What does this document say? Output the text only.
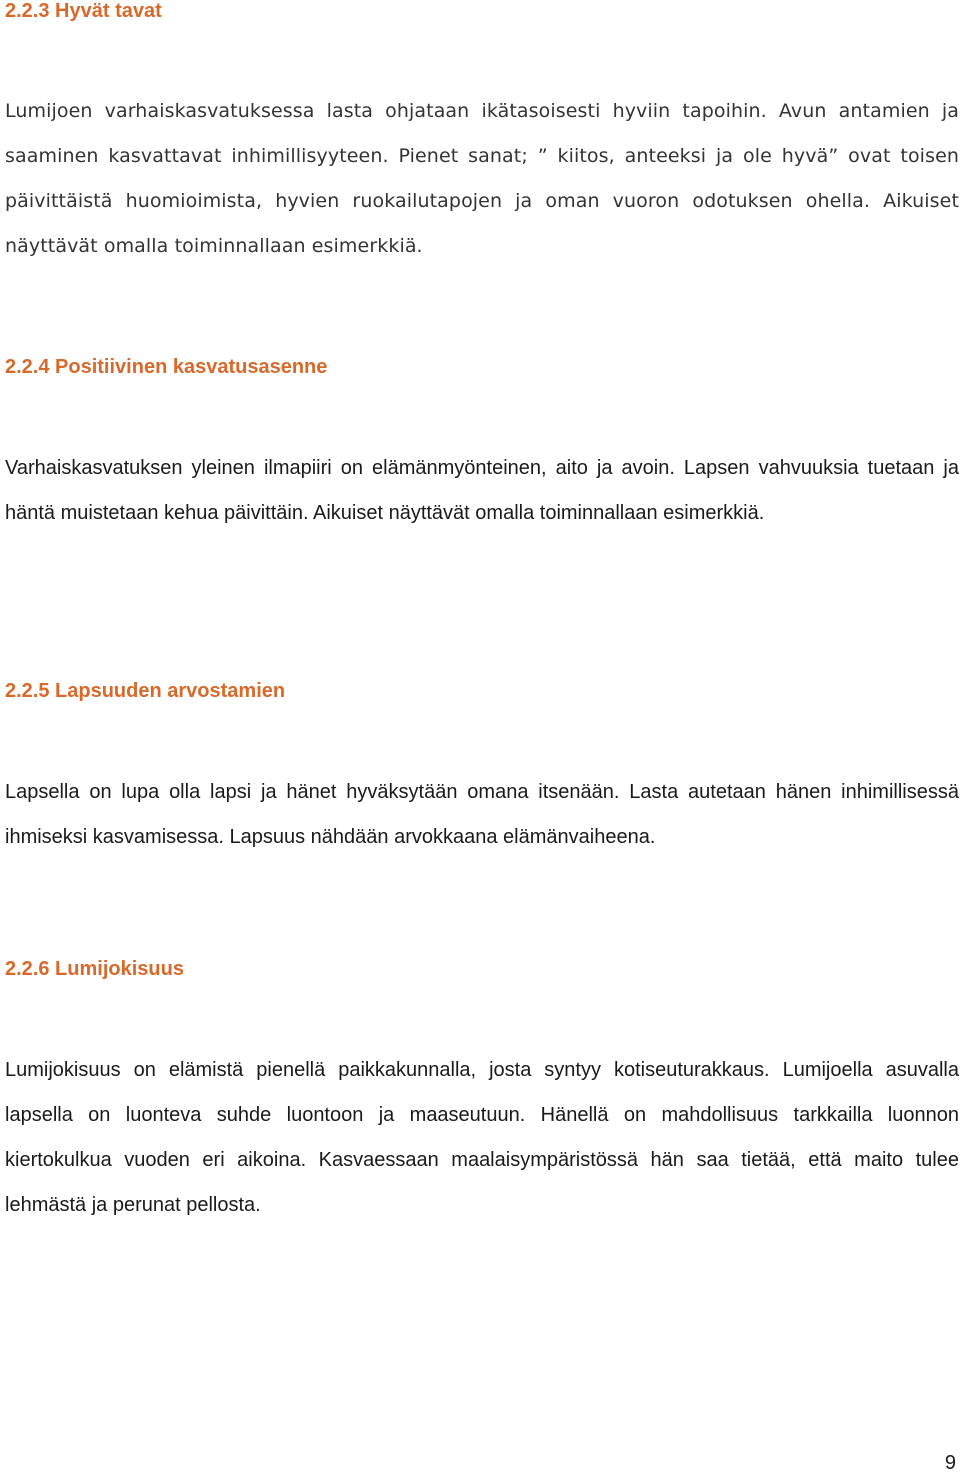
2.2.3 Hyvät tavat

Lumijoen varhaiskasvatuksessa lasta ohjataan ikätasoisesti hyviin tapoihin. Avun antamien ja saaminen kasvattavat inhimillisyyteen. Pienet sanat; ” kiitos, anteeksi ja ole hyvä” ovat toisen päivittäistä huomioimista, hyvien ruokailutapojen ja oman vuoron odotuksen ohella. Aikuiset näyttävät omalla toiminnallaan esimerkkiä.

2.2.4 Positiivinen kasvatusasenne

Varhaiskasvatuksen yleinen ilmapiiri on elämänmyönteinen, aito ja avoin. Lapsen vahvuuksia tuetaan ja häntä muistetaan kehua päivittäin. Aikuiset näyttävät omalla toiminnallaan esimerkkiä.

2.2.5 Lapsuuden arvostamien

Lapsella on lupa olla lapsi ja hänet hyväksytään omana itsenään. Lasta autetaan hänen inhimillisessä ihmiseksi kasvamisessa. Lapsuus nähdään arvokkaana elämänvaiheena.

2.2.6 Lumijokisuus

Lumijokisuus on elämistä pienellä paikkakunnalla, josta syntyy kotiseuturakkaus. Lumijoella asuvalla lapsella on luonteva suhde luontoon ja maaseutuun. Hänellä on mahdollisuus tarkkailla luonnon kiertokulkua vuoden eri aikoina. Kasvaessaan maalaisympäristössä hän saa tietää, että maito tulee lehmästä ja perunat pellosta.

9
